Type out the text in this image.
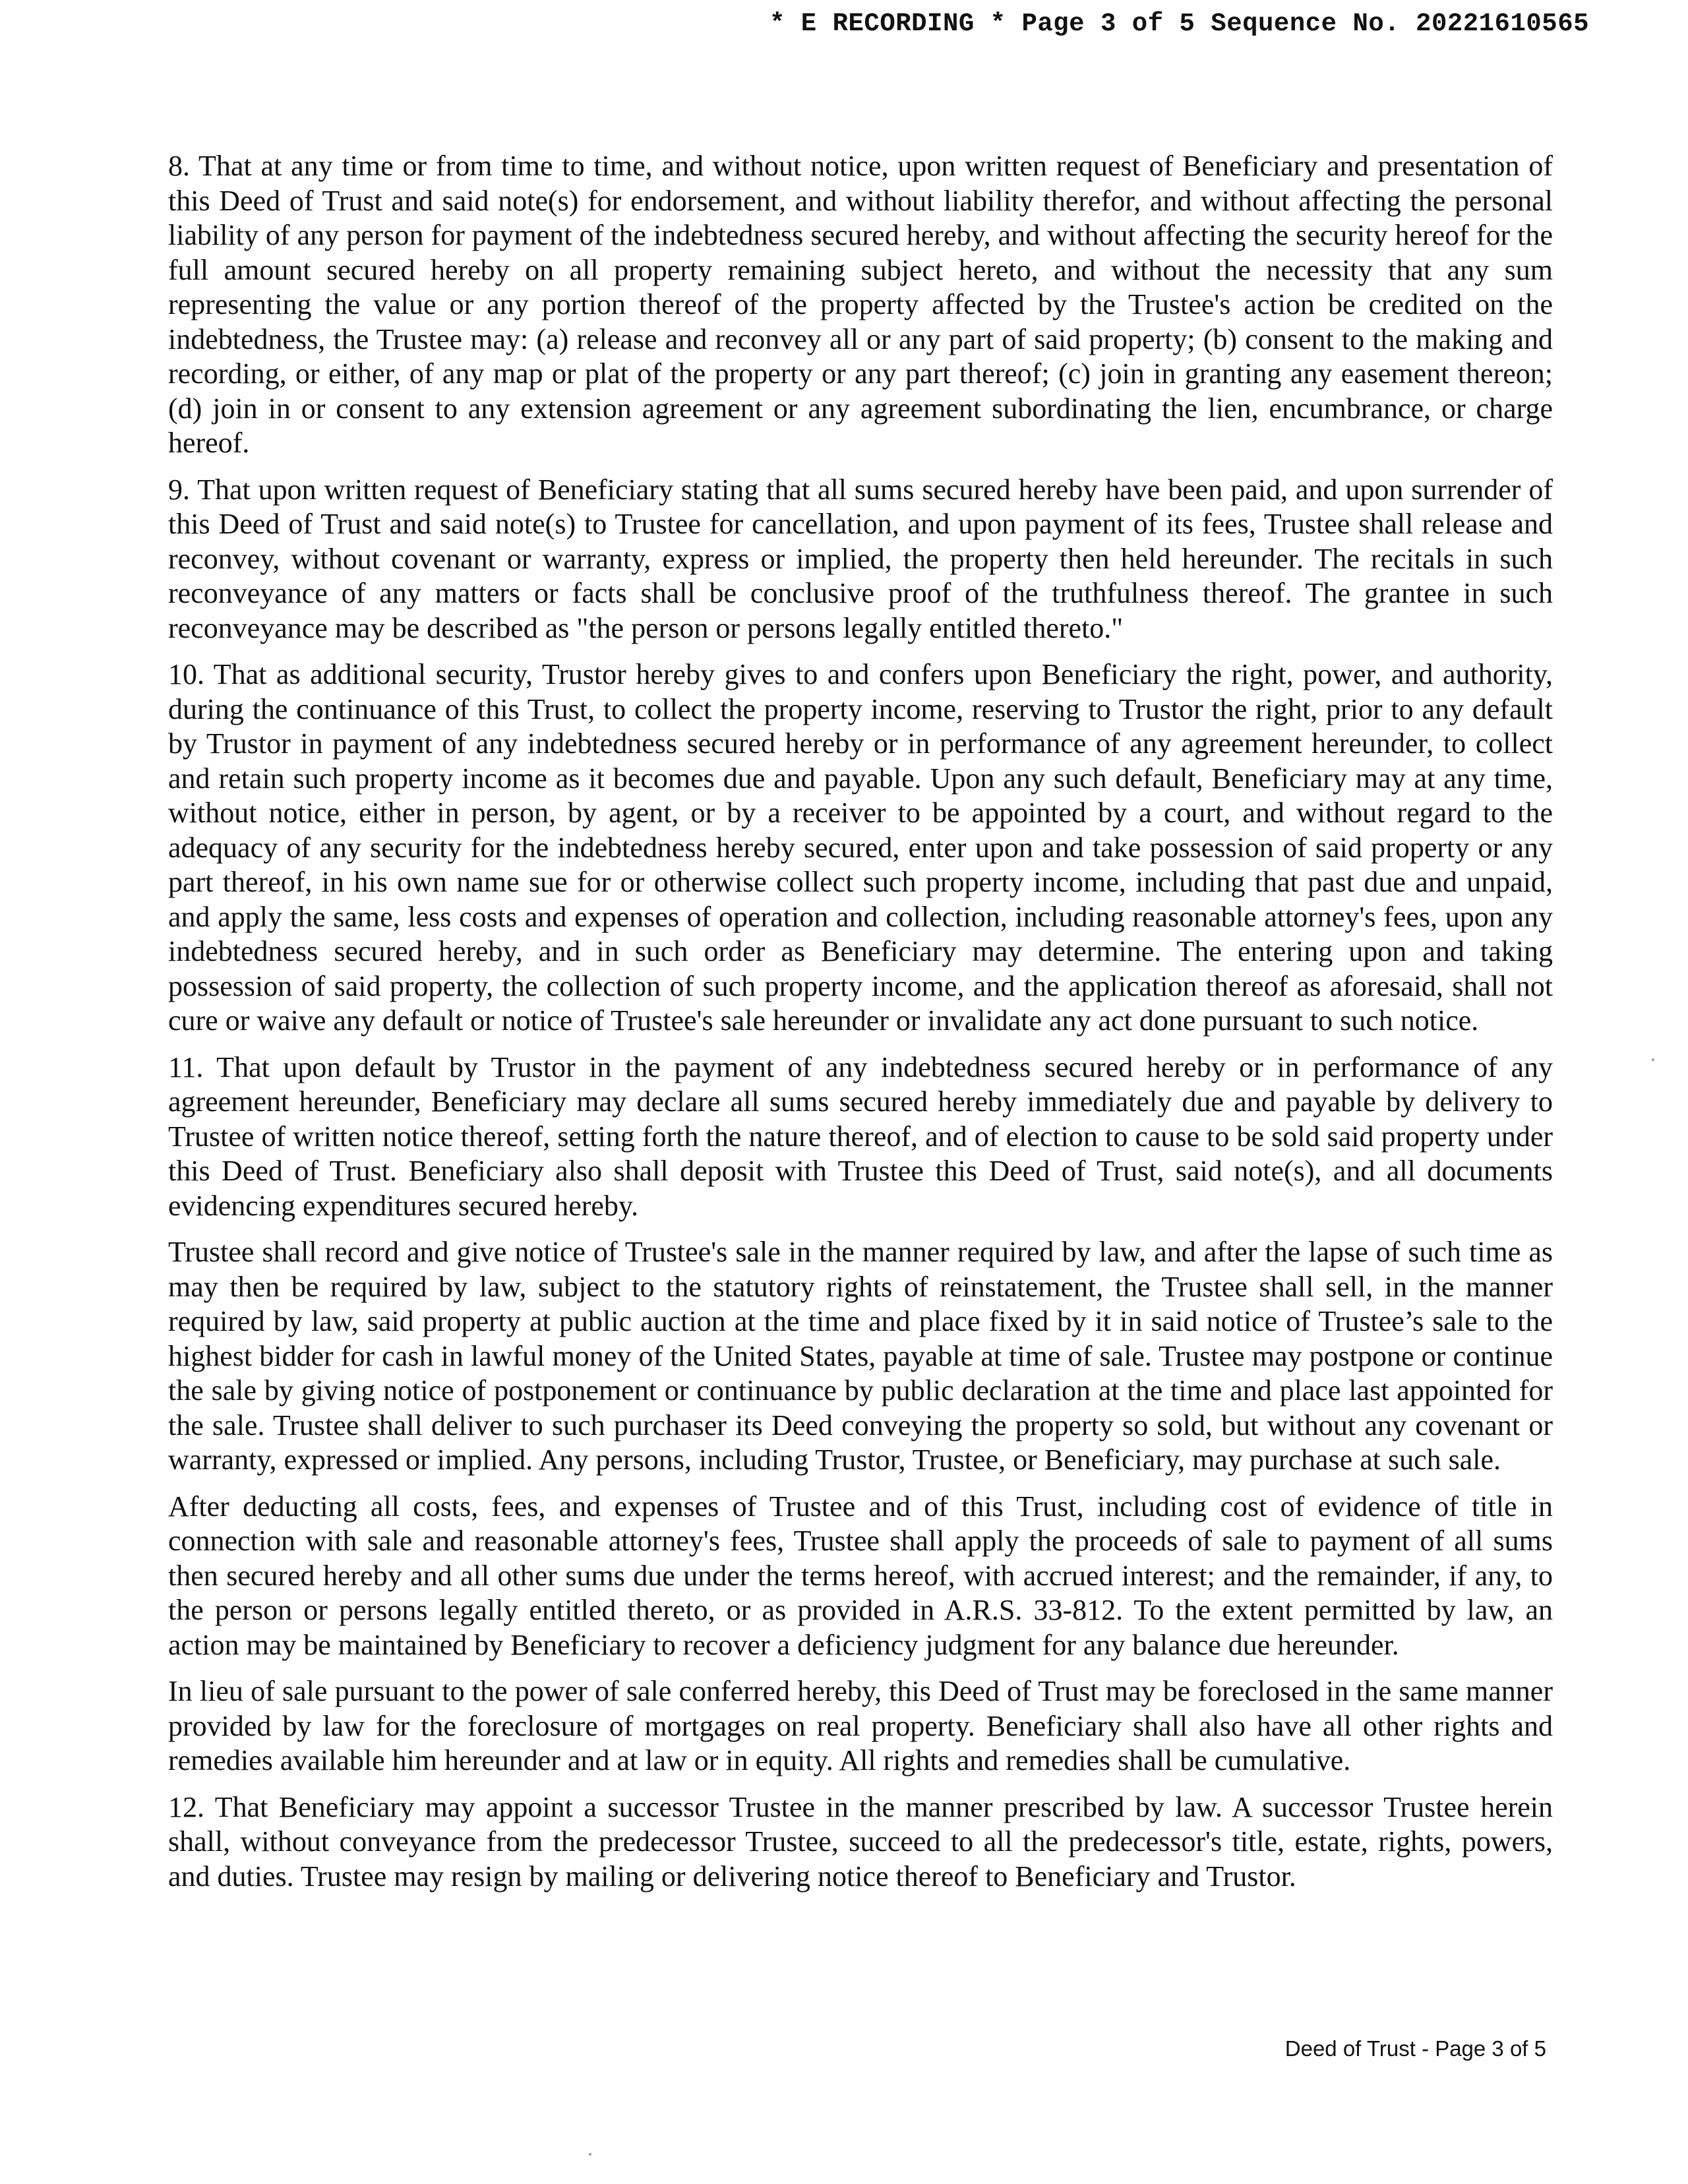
* E RECORDING * Page 3 of 5 Sequence No. 20221610565

8. That at any time or from time to time, and without notice, upon written request of Beneficiary and presentation of this Deed of Trust and said note(s) for endorsement, and without liability therefor, and without affecting the personal liability of any person for payment of the indebtedness secured hereby, and without affecting the security hereof for the full amount secured hereby on all property remaining subject hereto, and without the necessity that any sum representing the value or any portion thereof of the property affected by the Trustee's action be credited on the indebtedness, the Trustee may: (a) release and reconvey all or any part of said property; (b) consent to the making and recording, or either, of any map or plat of the property or any part thereof; (c) join in granting any easement thereon; (d) join in or consent to any extension agreement or any agreement subordinating the lien, encumbrance, or charge hereof.

9. That upon written request of Beneficiary stating that all sums secured hereby have been paid, and upon surrender of this Deed of Trust and said note(s) to Trustee for cancellation, and upon payment of its fees, Trustee shall release and reconvey, without covenant or warranty, express or implied, the property then held hereunder. The recitals in such reconveyance of any matters or facts shall be conclusive proof of the truthfulness thereof. The grantee in such reconveyance may be described as "the person or persons legally entitled thereto."

10. That as additional security, Trustor hereby gives to and confers upon Beneficiary the right, power, and authority, during the continuance of this Trust, to collect the property income, reserving to Trustor the right, prior to any default by Trustor in payment of any indebtedness secured hereby or in performance of any agreement hereunder, to collect and retain such property income as it becomes due and payable. Upon any such default, Beneficiary may at any time, without notice, either in person, by agent, or by a receiver to be appointed by a court, and without regard to the adequacy of any security for the indebtedness hereby secured, enter upon and take possession of said property or any part thereof, in his own name sue for or otherwise collect such property income, including that past due and unpaid, and apply the same, less costs and expenses of operation and collection, including reasonable attorney's fees, upon any indebtedness secured hereby, and in such order as Beneficiary may determine. The entering upon and taking possession of said property, the collection of such property income, and the application thereof as aforesaid, shall not cure or waive any default or notice of Trustee's sale hereunder or invalidate any act done pursuant to such notice.

11. That upon default by Trustor in the payment of any indebtedness secured hereby or in performance of any agreement hereunder, Beneficiary may declare all sums secured hereby immediately due and payable by delivery to Trustee of written notice thereof, setting forth the nature thereof, and of election to cause to be sold said property under this Deed of Trust. Beneficiary also shall deposit with Trustee this Deed of Trust, said note(s), and all documents evidencing expenditures secured hereby.

Trustee shall record and give notice of Trustee's sale in the manner required by law, and after the lapse of such time as may then be required by law, subject to the statutory rights of reinstatement, the Trustee shall sell, in the manner required by law, said property at public auction at the time and place fixed by it in said notice of Trustee’s sale to the highest bidder for cash in lawful money of the United States, payable at time of sale. Trustee may postpone or continue the sale by giving notice of postponement or continuance by public declaration at the time and place last appointed for the sale. Trustee shall deliver to such purchaser its Deed conveying the property so sold, but without any covenant or warranty, expressed or implied. Any persons, including Trustor, Trustee, or Beneficiary, may purchase at such sale.

After deducting all costs, fees, and expenses of Trustee and of this Trust, including cost of evidence of title in connection with sale and reasonable attorney's fees, Trustee shall apply the proceeds of sale to payment of all sums then secured hereby and all other sums due under the terms hereof, with accrued interest; and the remainder, if any, to the person or persons legally entitled thereto, or as provided in A.R.S. 33-812. To the extent permitted by law, an action may be maintained by Beneficiary to recover a deficiency judgment for any balance due hereunder.

In lieu of sale pursuant to the power of sale conferred hereby, this Deed of Trust may be foreclosed in the same manner provided by law for the foreclosure of mortgages on real property. Beneficiary shall also have all other rights and remedies available him hereunder and at law or in equity. All rights and remedies shall be cumulative.

12. That Beneficiary may appoint a successor Trustee in the manner prescribed by law. A successor Trustee herein shall, without conveyance from the predecessor Trustee, succeed to all the predecessor's title, estate, rights, powers, and duties. Trustee may resign by mailing or delivering notice thereof to Beneficiary and Trustor.

Deed of Trust - Page 3 of 5
